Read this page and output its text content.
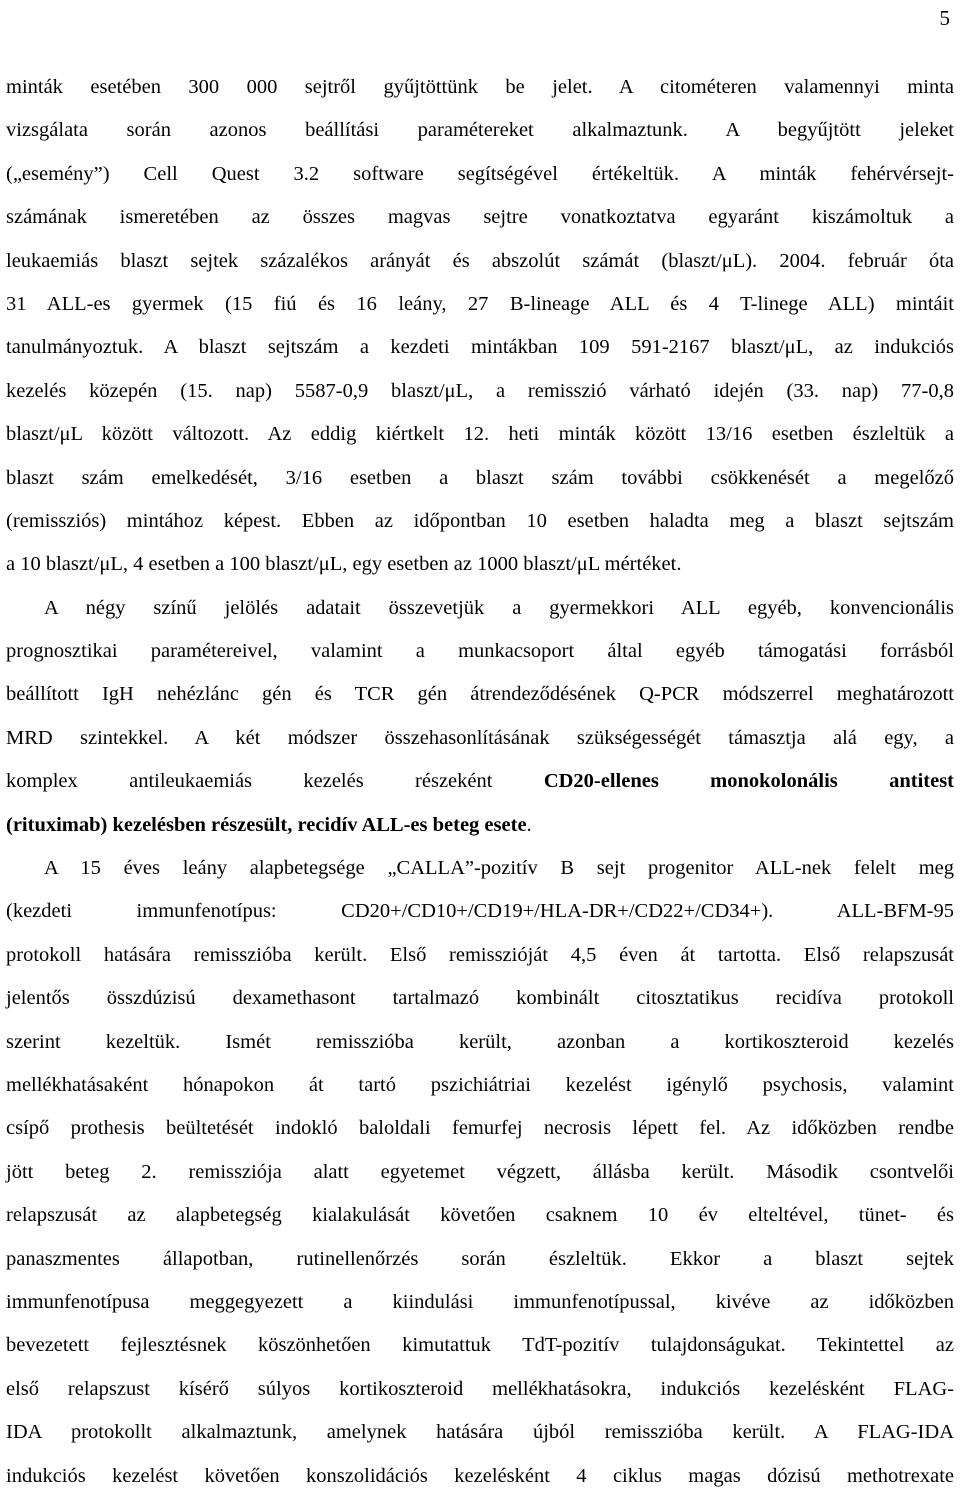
5
minták esetében 300 000 sejtről gyűjtöttünk be jelet. A citométeren valamennyi minta
vizsgálata során azonos beállítási paramétereket alkalmaztunk. A begyűjtött jeleket
(„esemény”) Cell Quest 3.2 software segítségével értékeltük. A minták fehérvérsejt-
számának ismeretében az összes magvas sejtre vonatkoztatva egyaránt kiszámoltuk a
leukaemiás blaszt sejtek százalékos arányát és abszolút számát (blaszt/μL). 2004. február óta
31 ALL-es gyermek (15 fiú és 16 leány, 27 B-lineage ALL és 4 T-linege ALL) mintáit
tanulmányoztuk. A blaszt sejtszám a kezdeti mintákban 109 591-2167 blaszt/μL, az indukciós
kezelés közepén (15. nap) 5587-0,9 blaszt/μL, a remisszió várható idején (33. nap) 77-0,8
blaszt/μL között változott. Az eddig kiértkelt 12. heti minták között 13/16 esetben észleltük a
blaszt szám emelkedését, 3/16 esetben a blaszt szám további csökkenését a megelőző
(remissziós) mintához képest. Ebben az időpontban 10 esetben haladta meg a blaszt sejtszám
a 10 blaszt/μL, 4 esetben a 100 blaszt/μL, egy esetben az 1000 blaszt/μL mértéket.
A négy színű jelölés adatait összevetjük a gyermekkori ALL egyéb, konvencionális
prognosztikai paramétereivel, valamint a munkacsoport által egyéb támogatási forrásból
beállított IgH nehézlánc gén és TCR gén átrendeződésének Q-PCR módszerrel meghatározott
MRD szintekkel. A két módszer összehasonlításának szükségességét támasztja alá egy, a
komplex antileukaemiás kezelés részeként	CD20-ellenes monokolonális antitest
(rituximab) kezelésben részesült, recidív ALL-es beteg esete.
A 15 éves leány alapbetegsége „CALLA”-pozitív B sejt progenitor ALL-nek felelt meg
(kezdeti immunfenotípus: CD20+/CD10+/CD19+/HLA-DR+/CD22+/CD34+). ALL-BFM-95
protokoll hatására remisszióba került. Első remisszióját 4,5 éven át tartotta. Első relapszusát
jelentős összdúzisú dexamethasont tartalmazó kombinált citosztatikus recidíva protokoll
szerint kezeltük. Ismét remisszióba került, azonban a kortikoszteroid kezelés
mellékhatásaként hónapokon át tartó pszichiátriai kezelést igénylő psychosis, valamint
csípő prothesis beültetését indokló baloldali femurfej necrosis lépett fel. Az időközben rendbe
jött beteg 2. remissziója alatt egyetemet végzett, állásba került. Második csontvelői
relapszusát az alapbetegség kialakulását követően csaknem 10 év elteltével, tünet- és
panaszmentes állapotban, rutinellenőrzés során észleltük. Ekkor a blaszt sejtek
immunfenotípusa meggegyezett a kiindulási immunfenotípussal, kivéve az időközben
bevezetett fejlesztésnek köszönhetően kimutattuk TdT-pozitív tulajdonságukat. Tekintettel az
első relapszust kísérő súlyos kortikoszteroid mellékhatásokra, indukciós kezelésként FLAG-
IDA protokollt alkalmaztunk, amelynek hatására újból remisszióba került. A FLAG-IDA
indukciós kezelést követően konszolidációs kezelésként 4 ciklus magas dózisú methotrexate
